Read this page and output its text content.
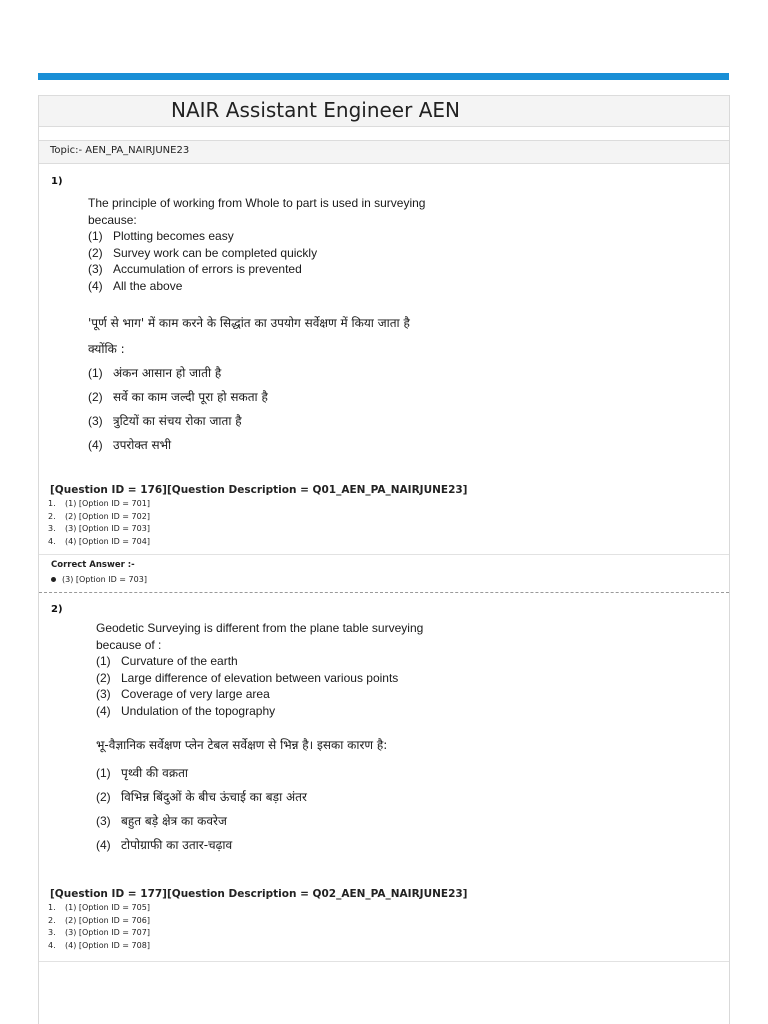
NAIR Assistant Engineer AEN
Topic:- AEN_PA_NAIRJUNE23
1)
The principle of working from Whole to part is used in surveying
because:
(1) Plotting becomes easy
(2) Survey work can be completed quickly
(3) Accumulation of errors is prevented
(4) All the above
'पूर्ण से भाग' में काम करने के सिद्धांत का उपयोग सर्वेक्षण में किया जाता है
क्योंकि :
(1) अंकन आसान हो जाती है
(2) सर्वे का काम जल्दी पूरा हो सकता है
(3) त्रुटियों का संचय रोका जाता है
(4) उपरोक्त सभी
[Question ID = 176][Question Description = Q01_AEN_PA_NAIRJUNE23]
1. (1) [Option ID = 701]
2. (2) [Option ID = 702]
3. (3) [Option ID = 703]
4. (4) [Option ID = 704]
Correct Answer :-
(3) [Option ID = 703]
2)
Geodetic Surveying is different from the plane table surveying
because of :
(1) Curvature of the earth
(2) Large difference of elevation between various points
(3) Coverage of very large area
(4) Undulation of the topography
भू-वैज्ञानिक सर्वेक्षण प्लेन टेबल सर्वेक्षण से भिन्न है। इसका कारण है:
(1) पृथ्वी की वक्रता
(2) विभिन्न बिंदुओं के बीच ऊंचाई का बड़ा अंतर
(3) बहुत बड़े क्षेत्र का कवरेज
(4) टोपोग्राफी का उतार-चढ़ाव
[Question ID = 177][Question Description = Q02_AEN_PA_NAIRJUNE23]
1. (1) [Option ID = 705]
2. (2) [Option ID = 706]
3. (3) [Option ID = 707]
4. (4) [Option ID = 708]
